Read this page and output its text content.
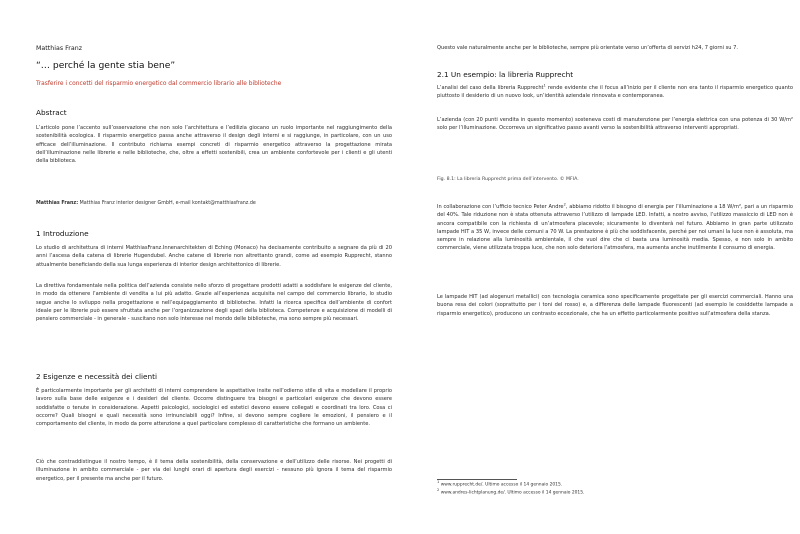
Matthias Franz
“… perché la gente stia bene”
Trasferire i concetti del risparmio energetico dal commercio librario alle biblioteche
Abstract

L’articolo pone l’accento sull’osservazione che non solo l’architettura e l’edilizia giocano un ruolo importante nel raggiungimento della sostenibilità ecologica. Il risparmio energetico passa anche attraverso il design degli interni e si raggiunge, in particolare, con un uso efficace dell’illuminazione. Il contributo richiama esempi concreti di risparmio energetico attraverso la progettazione mirata dell’illuminazione nelle librerie e nelle biblioteche, che, oltre a effetti sostenibili, crea un ambiente confortevole per i clienti e gli utenti della biblioteca.

Matthias Franz: Matthias Franz interior designer GmbH, e-mail kontakt@matthiasfranz.de
1 Introduzione

Lo studio di architettura di interni MatthiasFranz.Innenarchitekten di Eching (Monaco) ha decisamente contribuito a segnare da più di 20 anni l’ascesa della catena di librerie Hugendubel. Anche catene di librerie non altrettanto grandi, come ad esempio Rupprecht, stanno attualmente beneficiando della sua lunga esperienza di interior design architettonico di librerie.

La direttiva fondamentale nella politica dell’azienda consiste nello sforzo di progettare prodotti adatti a soddisfare le esigenze del cliente, in modo da ottenere l’ambiente di vendita a lui più adatto. Grazie all’esperienza acquisita nel campo del commercio librario, lo studio segue anche lo sviluppo nella progettazione e nell’equipaggiamento di biblioteche. Infatti la ricerca specifica dell’ambiente di confort ideale per le librerie può essere sfruttata anche per l’organizzazione degli spazi della biblioteca. Competenze e acquisizione di modelli di pensiero commerciale - in generale - suscitano non solo interesse nel mondo delle biblioteche, ma sono sempre più necessari.

2 Esigenze e necessità dei clienti

È particolarmente importante per gli architetti di interni comprendere le aspettative insite nell’odierno stile di vita e modellare il proprio lavoro sulla base delle esigenze e i desideri del cliente. Occorre distinguere tra bisogni e particolari esigenze che devono essere soddisfatte o tenute in considerazione. Aspetti psicologici, sociologici ed estetici devono essere collegati e coordinati tra loro. Cosa ci occorre? Quali bisogni e quali necessità sono irrinunciabili oggi? Infine, si devono sempre cogliere le emozioni, il pensiero e il comportamento del cliente, in modo da porre attenzione a quel particolare complesso di caratteristiche che formano un ambiente.

Ciò che contraddistingue il nostro tempo, è il tema della sostenibilità, della conservazione e dell’utilizzo delle risorse. Nei progetti di illuminazione in ambito commerciale - per via dei lunghi orari di apertura degli esercizi - nessuno più ignora il tema del risparmio energetico, per il presente ma anche per il futuro.

Questo vale naturalmente anche per le biblioteche, sempre più orientate verso un’offerta di servizi h24, 7 giorni su 7.

2.1 Un esempio: la libreria Rupprecht

L’analisi del caso della libreria Rupprecht$^1$ rende evidente che il focus all’inizio per il cliente non era tanto il risparmio energetico quanto piuttosto il desiderio di un nuovo look, un’identità aziendale rinnovata e contemporanea.

L’azienda (con 20 punti vendita in questo momento) sosteneva costi di manutenzione per l’energia elettrica con una potenza di 30 W/m² solo per l’illuminazione. Occorreva un significativo passo avanti verso la sostenibilità attraverso interventi appropriati.

Fig. 8.1: La libreria Rupprecht prima dell’intervento. © MFIA.

In collaborazione con l’ufficio tecnico Peter Andre$^2$, abbiamo ridotto il bisogno di energia per l’illuminazione a 18 W/m², pari a un risparmio del 40%. Tale riduzione non è stata ottenuta attraverso l’utilizzo di lampade LED. Infatti, a nostro avviso, l’utilizzo massiccio di LED non è ancora compatibile con la richiesta di un’atmosfera piacevole; sicuramente lo diventerà nel futuro. Abbiamo in gran parte utilizzato lampade HIT a 35 W, invece delle comuni a 70 W. La prestazione è più che soddisfacente, perché per noi umani la luce non è assoluta, ma sempre in relazione alla luminosità ambientale, il che vuol dire che ci basta una luminosità media. Spesso, e non solo in ambito commerciale, viene utilizzata troppa luce, che non solo deteriora l’atmosfera, ma aumenta anche inutilmente il consumo di energia.

Le lampade HIT (ad alogenuri metallici) con tecnologia ceramica sono specificamente progettate per gli esercizi commerciali. Hanno una buona resa dei colori (soprattutto per i toni del rosso) e, a differenza delle lampade fluorescenti (ad esempio le cosiddette lampade a risparmio energetico), producono un contrasto eccezionale, che ha un effetto particolarmente positivo sull’atmosfera della stanza.

$^1$ www.rupprecht.de/. Ultimo accesso il 14 gennaio 2015.
$^2$ www.andres-lichtplanung.de/. Ultimo accesso il 14 gennaio 2015.
